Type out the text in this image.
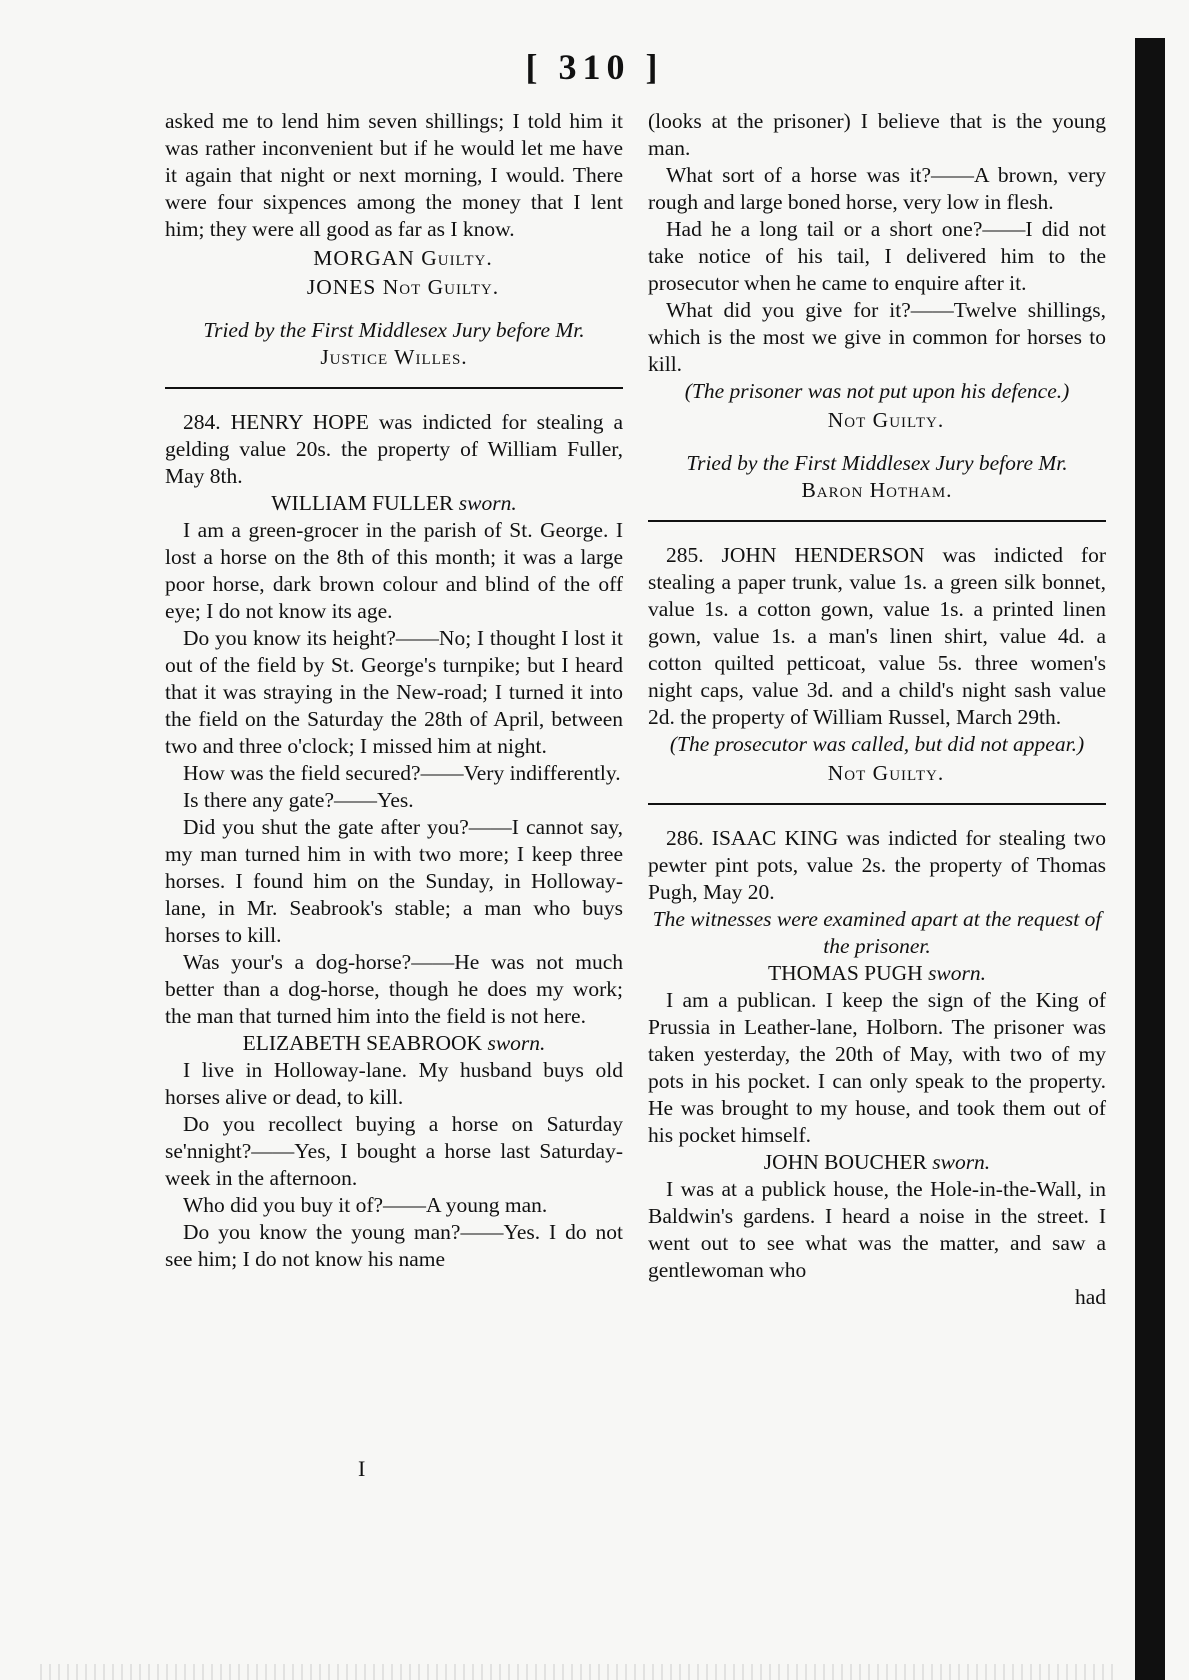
[ 310 ]

asked me to lend him seven shillings; I told him it was rather inconvenient but if he would let me have it again that night or next morning, I would. There were four sixpences among the money that I lent him; they were all good as far as I know.

MORGAN Guilty.

JONES Not Guilty.

Tried by the First Middlesex Jury before Mr.
Justice Willes.

284. HENRY HOPE was indicted for stealing a gelding value 20s. the property of William Fuller, May 8th.

WILLIAM FULLER sworn.

I am a green-grocer in the parish of St. George. I lost a horse on the 8th of this month; it was a large poor horse, dark brown colour and blind of the off eye; I do not know its age.

Do you know its height?——No; I thought I lost it out of the field by St. George's turnpike; but I heard that it was straying in the New-road; I turned it into the field on the Saturday the 28th of April, between two and three o'clock; I missed him at night.

How was the field secured?——Very indifferently.

Is there any gate?——Yes.

Did you shut the gate after you?——I cannot say, my man turned him in with two more; I keep three horses. I found him on the Sunday, in Holloway-lane, in Mr. Seabrook's stable; a man who buys horses to kill.

Was your's a dog-horse?——He was not much better than a dog-horse, though he does my work; the man that turned him into the field is not here.

ELIZABETH SEABROOK sworn.

I live in Holloway-lane. My husband buys old horses alive or dead, to kill.

Do you recollect buying a horse on Saturday se'nnight?——Yes, I bought a horse last Saturday-week in the afternoon.

Who did you buy it of?——A young man.

Do you know the young man?——Yes. I do not see him; I do not know his name

(looks at the prisoner) I believe that is the young man.

What sort of a horse was it?——A brown, very rough and large boned horse, very low in flesh.

Had he a long tail or a short one?——I did not take notice of his tail, I delivered him to the prosecutor when he came to enquire after it.

What did you give for it?——Twelve shillings, which is the most we give in common for horses to kill.

(The prisoner was not put upon his defence.)

Not Guilty.

Tried by the First Middlesex Jury before Mr.
Baron Hotham.

285. JOHN HENDERSON was indicted for stealing a paper trunk, value 1s. a green silk bonnet, value 1s. a cotton gown, value 1s. a printed linen gown, value 1s. a man's linen shirt, value 4d. a cotton quilted petticoat, value 5s. three women's night caps, value 3d. and a child's night sash value 2d. the property of William Russel, March 29th.

(The prosecutor was called, but did not appear.)

Not Guilty.

286. ISAAC KING was indicted for stealing two pewter pint pots, value 2s. the property of Thomas Pugh, May 20.

The witnesses were examined apart at the request of the prisoner.

THOMAS PUGH sworn.

I am a publican. I keep the sign of the King of Prussia in Leather-lane, Holborn. The prisoner was taken yesterday, the 20th of May, with two of my pots in his pocket. I can only speak to the property. He was brought to my house, and took them out of his pocket himself.

JOHN BOUCHER sworn.

I was at a publick house, the Hole-in-the-Wall, in Baldwin's gardens. I heard a noise in the street. I went out to see what was the matter, and saw a gentlewoman who

had

I
